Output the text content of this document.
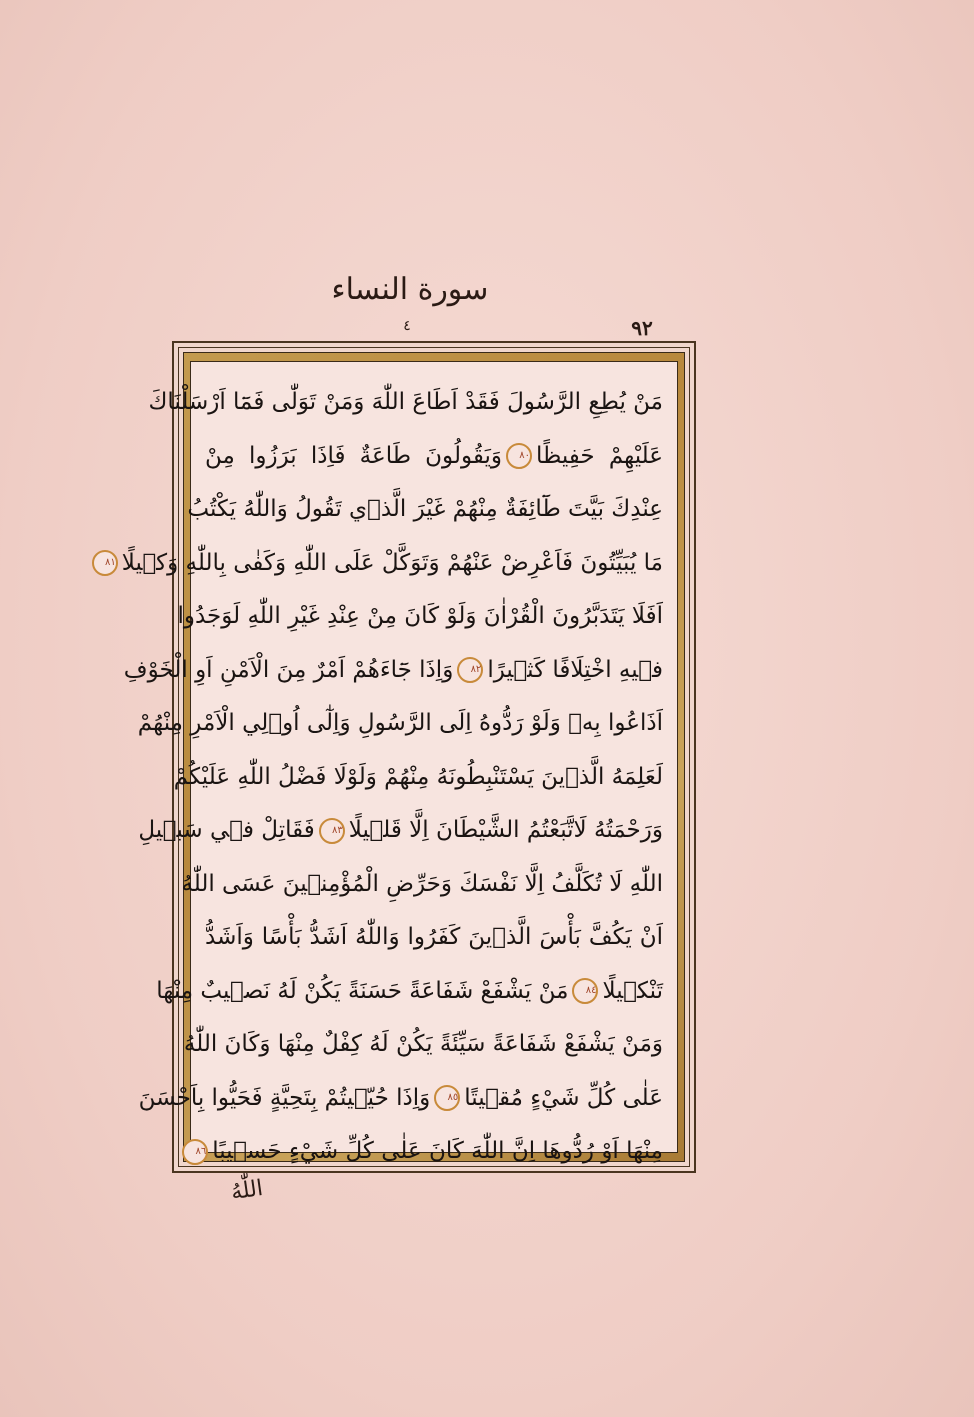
سورة النساء ٤	٩٢
مَنْ يُطِعِ الرَّسُولَ فَقَدْ اَطَاعَ اللّٰهَ وَمَنْ تَوَلّٰى فَمَٓا اَرْسَلْنَاكَ
عَلَيْهِمْ حَفِيظًا٨٠وَيَقُولُونَ طَاعَةٌ فَاِذَا بَرَزُوا مِنْ
عِنْدِكَ بَيَّتَ طَٓائِفَةٌ مِنْهُمْ غَيْرَ الَّذ۪ي تَقُولُ وَاللّٰهُ يَكْتُبُ
مَا يُبَيِّتُونَ فَاَعْرِضْ عَنْهُمْ وَتَوَكَّلْ عَلَى اللّٰهِ وَكَفٰى بِاللّٰهِ وَك۪يلًا٨١
اَفَلَا يَتَدَبَّرُونَ الْقُرْاٰنَ وَلَوْ كَانَ مِنْ عِنْدِ غَيْرِ اللّٰهِ لَوَجَدُوا
ف۪يهِ اخْتِلَافًا كَث۪يرًا٨٢وَاِذَا جَٓاءَهُمْ اَمْرٌ مِنَ الْاَمْنِ اَوِ الْخَوْفِ
اَذَاعُوا بِه۪ وَلَوْ رَدُّوهُ اِلَى الرَّسُولِ وَاِلٰٓى اُو۬لِي الْاَمْرِ مِنْهُمْ
لَعَلِمَهُ الَّذ۪ينَ يَسْتَنْبِطُونَهُ مِنْهُمْ وَلَوْلَا فَضْلُ اللّٰهِ عَلَيْكُمْ
وَرَحْمَتُهُ لَاتَّبَعْتُمُ الشَّيْطَانَ اِلَّا قَل۪يلًا٨٣فَقَاتِلْ ف۪ي سَب۪يلِ
اللّٰهِ لَا تُكَلَّفُ اِلَّا نَفْسَكَ وَحَرِّضِ الْمُؤْمِن۪ينَ عَسَى اللّٰهُ
اَنْ يَكُفَّ بَأْسَ الَّذ۪ينَ كَفَرُوا وَاللّٰهُ اَشَدُّ بَأْسًا وَاَشَدُّ
تَنْك۪يلًا٨٤مَنْ يَشْفَعْ شَفَاعَةً حَسَنَةً يَكُنْ لَهُ نَص۪يبٌ مِنْهَا
وَمَنْ يَشْفَعْ شَفَاعَةً سَيِّئَةً يَكُنْ لَهُ كِفْلٌ مِنْهَا وَكَانَ اللّٰهُ
عَلٰى كُلِّ شَيْءٍ مُق۪يتًا٨٥وَاِذَا حُيّ۪يتُمْ بِتَحِيَّةٍ فَحَيُّوا بِاَحْسَنَ
مِنْهَا اَوْ رُدُّوهَا اِنَّ اللّٰهَ كَانَ عَلٰى كُلِّ شَيْءٍ حَس۪يبًا٨٦
اللّٰهُ
